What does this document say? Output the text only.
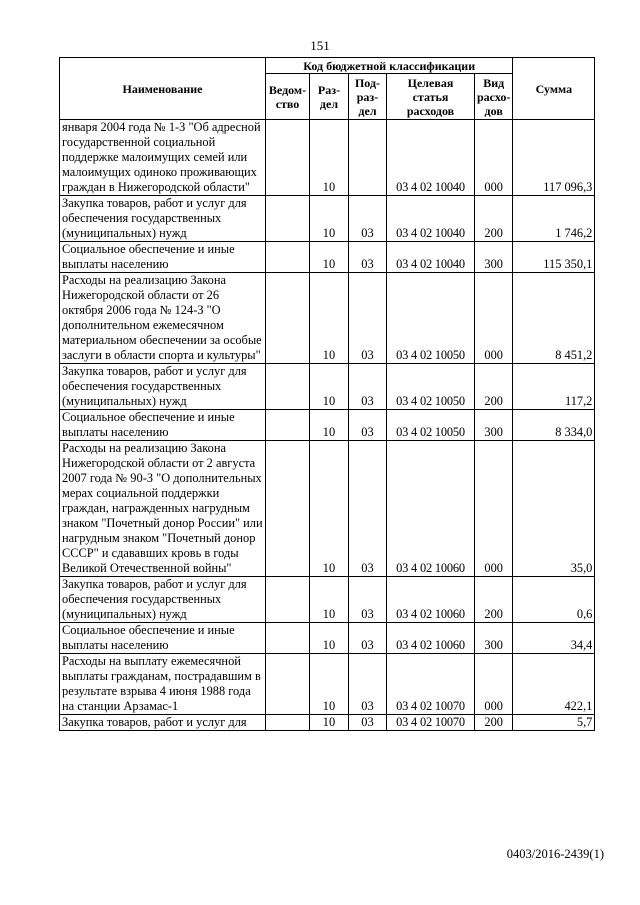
151
Наименование	Код бюджетной классификации					Сумма
	Ведом-ство	Раз-дел	Под-раз-дел	Целевая статья расходов	Вид расхо-дов	
января 2004 года № 1-З "Об адресной государственной социальной поддержке малоимущих семей или малоимущих одиноко проживающих граждан в Нижегородской области"		10		03 4 02 10040	000	117 096,3
Закупка товаров, работ и услуг для обеспечения государственных (муниципальных) нужд		10	03	03 4 02 10040	200	1 746,2
Социальное обеспечение и иные выплаты населению		10	03	03 4 02 10040	300	115 350,1
Расходы на реализацию Закона Нижегородской области от 26 октября 2006 года № 124-З "О дополнительном ежемесячном материальном обеспечении за особые заслуги в области спорта и культуры"		10	03	03 4 02 10050	000	8 451,2
Закупка товаров, работ и услуг для обеспечения государственных (муниципальных) нужд		10	03	03 4 02 10050	200	117,2
Социальное обеспечение и иные выплаты населению		10	03	03 4 02 10050	300	8 334,0
Расходы на реализацию Закона Нижегородской области от 2 августа 2007 года № 90-З "О дополнительных мерах социальной поддержки граждан, награжденных нагрудным знаком "Почетный донор России" или нагрудным знаком "Почетный донор СССР" и сдававших кровь в годы Великой Отечественной войны"		10	03	03 4 02 10060	000	35,0
Закупка товаров, работ и услуг для обеспечения государственных (муниципальных) нужд		10	03	03 4 02 10060	200	0,6
Социальное обеспечение и иные выплаты населению		10	03	03 4 02 10060	300	34,4
Расходы на выплату ежемесячной выплаты гражданам, пострадавшим в результате взрыва 4 июня 1988 года на станции Арзамас-1		10	03	03 4 02 10070	000	422,1
Закупка товаров, работ и услуг для		10	03	03 4 02 10070	200	5,7
0403/2016-2439(1)
